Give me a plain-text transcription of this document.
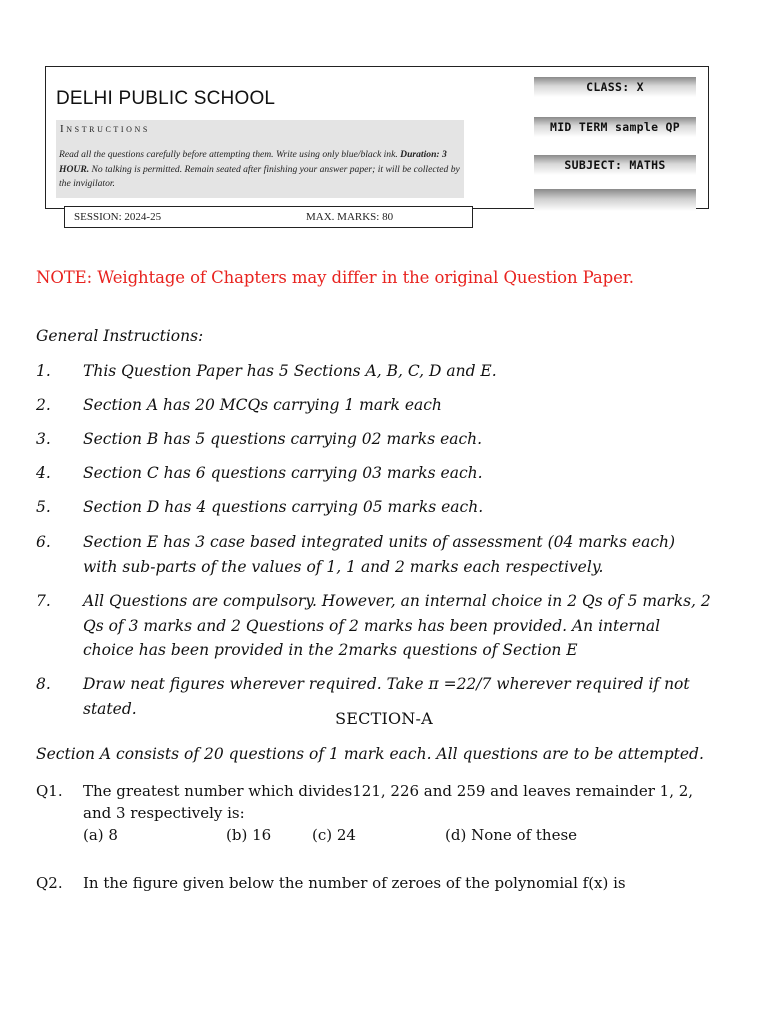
DELHI PUBLIC SCHOOL
Instructions
Read all the questions carefully before attempting them. Write using only blue/black ink. Duration: 3 HOUR. No talking is permitted. Remain seated after finishing your answer paper; it will be collected by the invigilator.
SESSION: 2024-25	MAX. MARKS: 80
CLASS: X
MID TERM sample QP
SUBJECT: MATHS
NOTE: Weightage of Chapters may differ in the original Question Paper.
General Instructions:
1. This Question Paper has 5 Sections A, B, C, D and E.
2. Section A has 20 MCQs carrying 1 mark each
3. Section B has 5 questions carrying 02 marks each.
4. Section C has 6 questions carrying 03 marks each.
5. Section D has 4 questions carrying 05 marks each.
6. Section E has 3 case based integrated units of assessment (04 marks each) with sub-parts of the values of 1, 1 and 2 marks each respectively.
7. All Questions are compulsory. However, an internal choice in 2 Qs of 5 marks, 2 Qs of 3 marks and 2 Questions of 2 marks has been provided. An internal choice has been provided in the 2marks questions of Section E
8. Draw neat figures wherever required. Take π =22/7 wherever required if not stated.
SECTION-A
Section A consists of 20 questions of 1 mark each. All questions are to be attempted.
Q1. The greatest number which divides121, 226 and 259 and leaves remainder 1, 2, and 3 respectively is:
(a) 8	(b) 16	(c) 24	(d) None of these
Q2. In the figure given below the number of zeroes of the polynomial f(x) is
